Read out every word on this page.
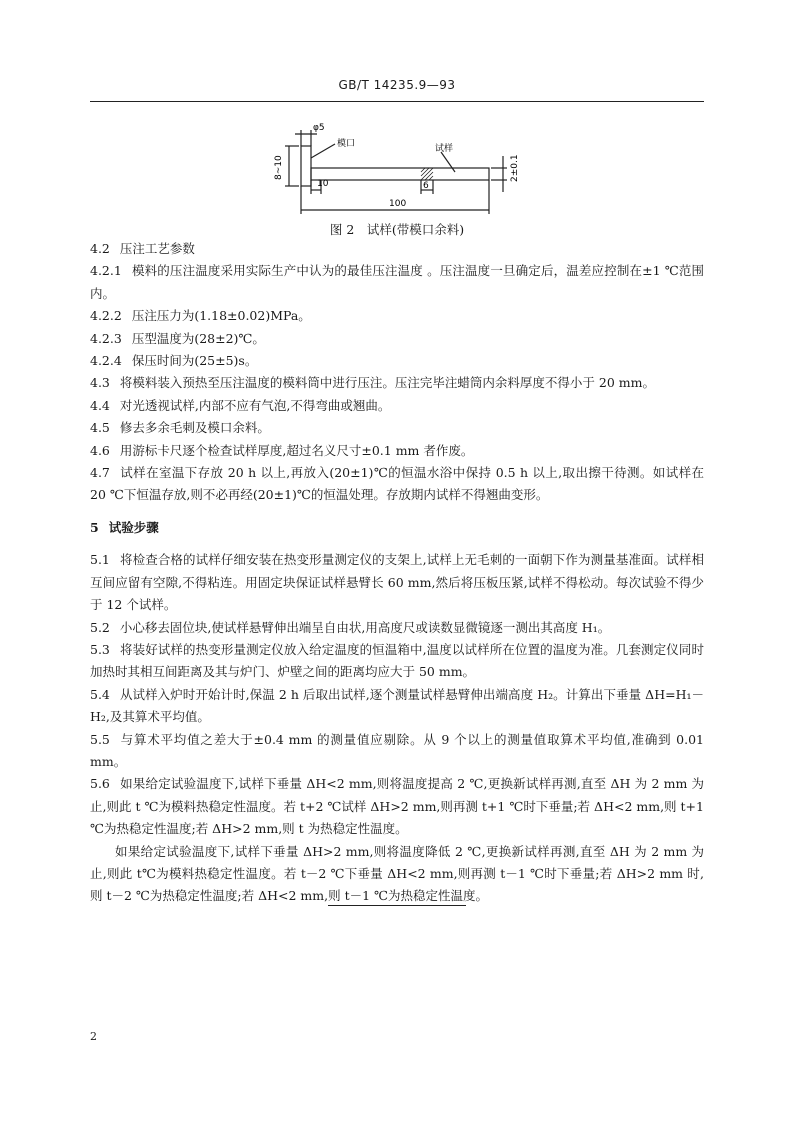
GB/T 14235.9—93
φ5
模口	试样
8~10	2±0.1
10	6
100
图 2　试样(带模口余料)

4.2 压注工艺参数

4.2.1 模料的压注温度采用实际生产中认为的最佳压注温度 。压注温度一旦确定后，温差应控制在±1 ℃范围内。

4.2.2 压注压力为(1.18±0.02)MPa。

4.2.3 压型温度为(28±2)℃。

4.2.4 保压时间为(25±5)s。

4.3 将模料装入预热至压注温度的模料筒中进行压注。压注完毕注蜡筒内余料厚度不得小于 20 mm。

4.4 对光透视试样,内部不应有气泡,不得弯曲或翘曲。

4.5 修去多余毛刺及模口余料。

4.6 用游标卡尺逐个检查试样厚度,超过名义尺寸±0.1 mm 者作废。

4.7 试样在室温下存放 20 h 以上,再放入(20±1)℃的恒温水浴中保持 0.5 h 以上,取出擦干待测。如试样在 20 ℃下恒温存放,则不必再经(20±1)℃的恒温处理。存放期内试样不得翘曲变形。

5 试验步骤

5.1 将检查合格的试样仔细安装在热变形量测定仪的支架上,试样上无毛刺的一面朝下作为测量基准面。试样相互间应留有空隙,不得粘连。用固定块保证试样悬臂长 60 mm,然后将压板压紧,试样不得松动。每次试验不得少于 12 个试样。

5.2 小心移去固位块,使试样悬臂伸出端呈自由状,用高度尺或读数显微镜逐一测出其高度 H₁。

5.3 将装好试样的热变形量测定仪放入给定温度的恒温箱中,温度以试样所在位置的温度为准。几套测定仪同时加热时其相互间距离及其与炉门、炉壁之间的距离均应大于 50 mm。

5.4 从试样入炉时开始计时,保温 2 h 后取出试样,逐个测量试样悬臂伸出端高度 H₂。计算出下垂量 ΔH=H₁－H₂,及其算术平均值。

5.5 与算术平均值之差大于±0.4 mm 的测量值应剔除。从 9 个以上的测量值取算术平均值,准确到 0.01 mm。

5.6 如果给定试验温度下,试样下垂量 ΔH<2 mm,则将温度提高 2 ℃,更换新试样再测,直至 ΔH 为 2 mm 为止,则此 t ℃为模料热稳定性温度。若 t+2 ℃试样 ΔH>2 mm,则再测 t+1 ℃时下垂量;若 ΔH<2 mm,则 t+1 ℃为热稳定性温度;若 ΔH>2 mm,则 t 为热稳定性温度。

如果给定试验温度下,试样下垂量 ΔH>2 mm,则将温度降低 2 ℃,更换新试样再测,直至 ΔH 为 2 mm 为止,则此 t℃为模料热稳定性温度。若 t－2 ℃下垂量 ΔH<2 mm,则再测 t－1 ℃时下垂量;若 ΔH>2 mm 时,则 t－2 ℃为热稳定性温度;若 ΔH<2 mm,则 t－1 ℃为热稳定性温度。

2
